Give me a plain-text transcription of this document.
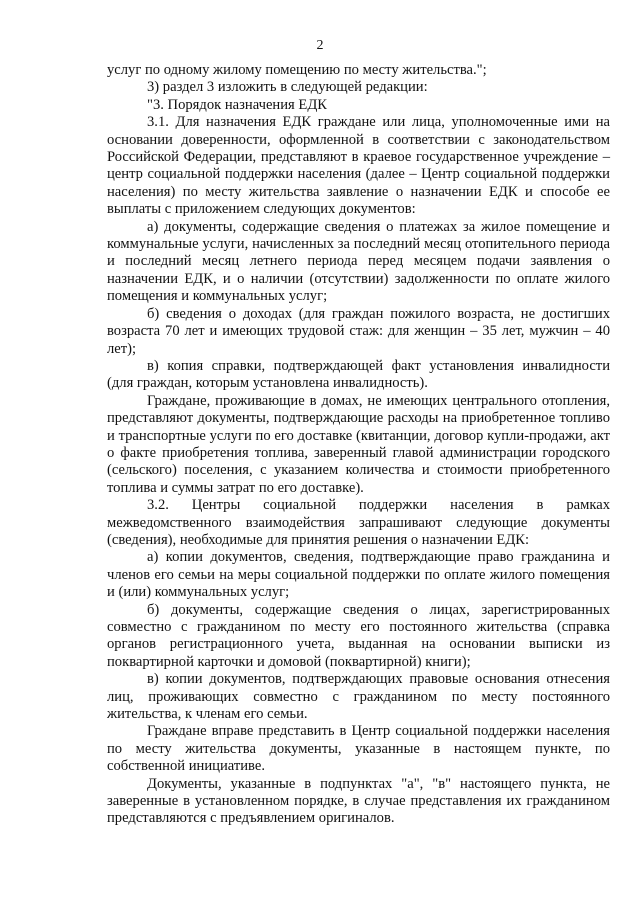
2

услуг по одному жилому помещению по месту жительства.";

3) раздел 3 изложить в следующей редакции:

"3. Порядок назначения ЕДК

3.1. Для назначения ЕДК граждане или лица, уполномоченные ими на основании доверенности, оформленной в соответствии с законодательством Российской Федерации, представляют в краевое государственное учреждение – центр социальной поддержки населения (далее – Центр социальной поддержки населения) по месту жительства заявление о назначении ЕДК и способе ее выплаты с приложением следующих документов:

а) документы, содержащие сведения о платежах за жилое помещение и коммунальные услуги, начисленных за последний месяц отопительного периода и последний месяц летнего периода перед месяцем подачи заявления о назначении ЕДК, и о наличии (отсутствии) задолженности по оплате жилого помещения и коммунальных услуг;

б) сведения о доходах (для граждан пожилого возраста, не достигших возраста 70 лет и имеющих трудовой стаж: для женщин – 35 лет, мужчин – 40 лет);

в) копия справки, подтверждающей факт установления инвалидности (для граждан, которым установлена инвалидность).

Граждане, проживающие в домах, не имеющих центрального отопления, представляют документы, подтверждающие расходы на приобретенное топливо и транспортные услуги по его доставке (квитанции, договор купли-продажи, акт о факте приобретения топлива, заверенный главой администрации городского (сельского) поселения, с указанием количества и стоимости приобретенного топлива и суммы затрат по его доставке).

3.2. Центры социальной поддержки населения в рамках межведомственного взаимодействия запрашивают следующие документы (сведения), необходимые для принятия решения о назначении ЕДК:

а) копии документов, сведения, подтверждающие право гражданина и членов его семьи на меры социальной поддержки по оплате жилого помещения и (или) коммунальных услуг;

б) документы, содержащие сведения о лицах, зарегистрированных совместно с гражданином по месту его постоянного жительства (справка органов регистрационного учета, выданная на основании выписки из поквартирной карточки и домовой (поквартирной) книги);

в) копии документов, подтверждающих правовые основания отнесения лиц, проживающих совместно с гражданином по месту постоянного жительства, к членам его семьи.

Граждане вправе представить в Центр социальной поддержки населения по месту жительства документы, указанные в настоящем пункте, по собственной инициативе.

Документы, указанные в подпунктах "а", "в" настоящего пункта, не заверенные в установленном порядке, в случае представления их гражданином представляются с предъявлением оригиналов.
